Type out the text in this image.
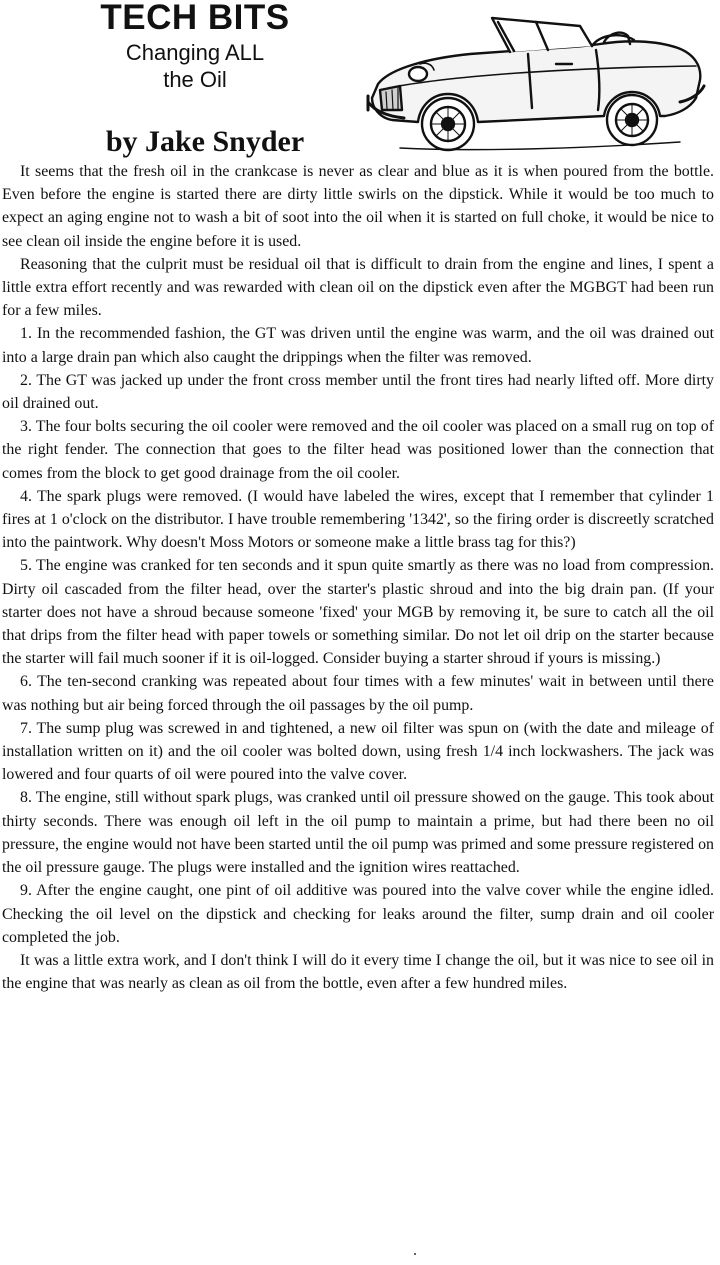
TECH BITS
Changing ALL
the Oil
by Jake Snyder

It seems that the fresh oil in the crankcase is never as clear and blue as it is when poured from the bottle. Even before the engine is started there are dirty little swirls on the dipstick. While it would be too much to expect an aging engine not to wash a bit of soot into the oil when it is started on full choke, it would be nice to see clean oil inside the engine before it is used.

Reasoning that the culprit must be residual oil that is difficult to drain from the engine and lines, I spent a little extra effort recently and was rewarded with clean oil on the dipstick even after the MGBGT had been run for a few miles.

1. In the recommended fashion, the GT was driven until the engine was warm, and the oil was drained out into a large drain pan which also caught the drippings when the filter was removed.

2. The GT was jacked up under the front cross member until the front tires had nearly lifted off. More dirty oil drained out.

3. The four bolts securing the oil cooler were removed and the oil cooler was placed on a small rug on top of the right fender. The connection that goes to the filter head was positioned lower than the connection that comes from the block to get good drainage from the oil cooler.

4. The spark plugs were removed. (I would have labeled the wires, except that I remember that cylinder 1 fires at 1 o'clock on the distributor. I have trouble remembering '1342', so the firing order is discreetly scratched into the paintwork. Why doesn't Moss Motors or someone make a little brass tag for this?)

5. The engine was cranked for ten seconds and it spun quite smartly as there was no load from compression. Dirty oil cascaded from the filter head, over the starter's plastic shroud and into the big drain pan. (If your starter does not have a shroud because someone 'fixed' your MGB by removing it, be sure to catch all the oil that drips from the filter head with paper towels or something similar. Do not let oil drip on the starter because the starter will fail much sooner if it is oil-logged. Consider buying a starter shroud if yours is missing.)

6. The ten-second cranking was repeated about four times with a few minutes' wait in between until there was nothing but air being forced through the oil passages by the oil pump.

7. The sump plug was screwed in and tightened, a new oil filter was spun on (with the date and mileage of installation written on it) and the oil cooler was bolted down, using fresh 1/4 inch lockwashers. The jack was lowered and four quarts of oil were poured into the valve cover.

8. The engine, still without spark plugs, was cranked until oil pressure showed on the gauge. This took about thirty seconds. There was enough oil left in the oil pump to maintain a prime, but had there been no oil pressure, the engine would not have been started until the oil pump was primed and some pressure registered on the oil pressure gauge. The plugs were installed and the ignition wires reattached.

9. After the engine caught, one pint of oil additive was poured into the valve cover while the engine idled. Checking the oil level on the dipstick and checking for leaks around the filter, sump drain and oil cooler completed the job.

It was a little extra work, and I don't think I will do it every time I change the oil, but it was nice to see oil in the engine that was nearly as clean as oil from the bottle, even after a few hundred miles.
